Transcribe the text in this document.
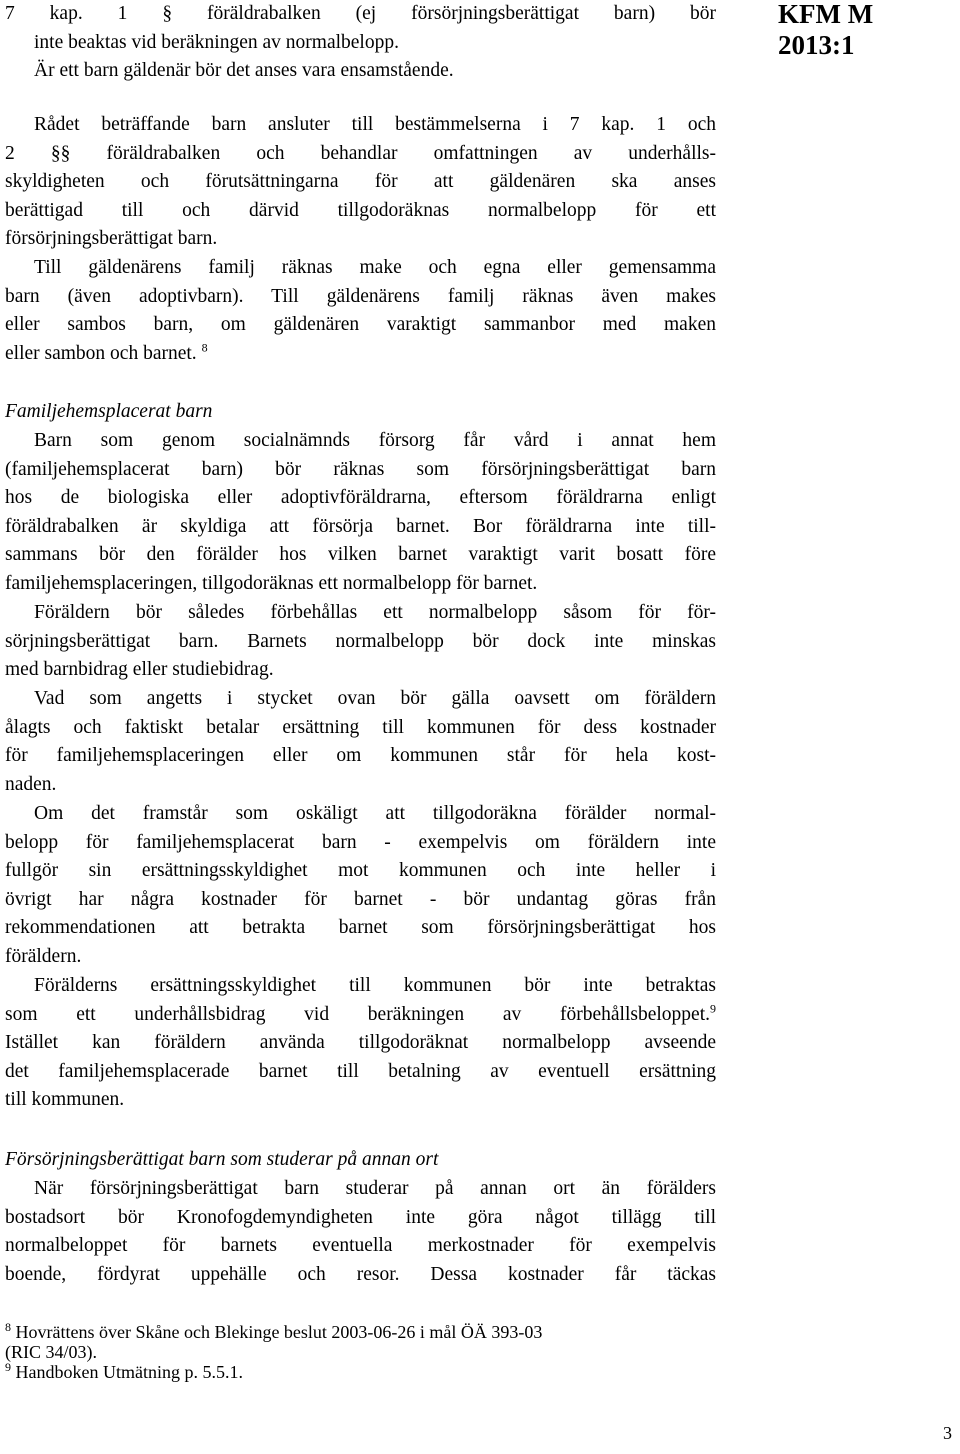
7 kap. 1 § föräldrabalken (ej försörjningsberättigat barn) bör
inte beaktas vid beräkningen av normalbelopp.
Är ett barn gäldenär bör det anses vara ensamstående.
KFM M
2013:1
Rådet beträffande barn ansluter till bestämmelserna i 7 kap. 1 och
2 §§ föräldrabalken och behandlar omfattningen av underhålls-
skyldigheten och förutsättningarna för att gäldenären ska anses
berättigad till och därvid tillgodoräknas normalbelopp för ett
försörjningsberättigat barn.
Till gäldenärens familj räknas make och egna eller gemensamma
barn (även adoptivbarn). Till gäldenärens familj räknas även makes
eller sambos barn, om gäldenären varaktigt sammanbor med maken
eller sambon och barnet. $^8$
Familjehemsplacerat barn
Barn som genom socialnämnds försorg får vård i annat hem
(familjehemsplacerat barn) bör räknas som försörjningsberättigat barn
hos de biologiska eller adoptivföräldrarna, eftersom föräldrarna enligt
föräldrabalken är skyldiga att försörja barnet. Bor föräldrarna inte till-
sammans bör den förälder hos vilken barnet varaktigt varit bosatt före
familjehemsplaceringen, tillgodoräknas ett normalbelopp för barnet.
Föräldern bör således förbehållas ett normalbelopp såsom för för-
sörjningsberättigat barn. Barnets normalbelopp bör dock inte minskas
med barnbidrag eller studiebidrag.
Vad som angetts i stycket ovan bör gälla oavsett om föräldern
ålagts och faktiskt betalar ersättning till kommunen för dess kostnader
för familjehemsplaceringen eller om kommunen står för hela kost-
naden.
Om det framstår som oskäligt att tillgodoräkna förälder normal-
belopp för familjehemsplacerat barn - exempelvis om föräldern inte
fullgör sin ersättningsskyldighet mot kommunen och inte heller i
övrigt har några kostnader för barnet - bör undantag göras från
rekommendationen att betrakta barnet som försörjningsberättigat hos
föräldern.
Förälderns ersättningsskyldighet till kommunen bör inte betraktas
som ett underhållsbidrag vid beräkningen av förbehållsbeloppet.$^9$
Istället kan föräldern använda tillgodoräknat normalbelopp avseende
det familjehemsplacerade barnet till betalning av eventuell ersättning
till kommunen.
Försörjningsberättigat barn som studerar på annan ort
När försörjningsberättigat barn studerar på annan ort än förälders
bostadsort bör Kronofogdemyndigheten inte göra något tillägg till
normalbeloppet för barnets eventuella merkostnader för exempelvis
boende, fördyrat uppehälle och resor. Dessa kostnader får täckas
$^8$ Hovrättens över Skåne och Blekinge beslut 2003-06-26 i mål ÖÄ 393-03
(RIC 34/03).
$^9$ Handboken Utmätning p. 5.5.1.
3
